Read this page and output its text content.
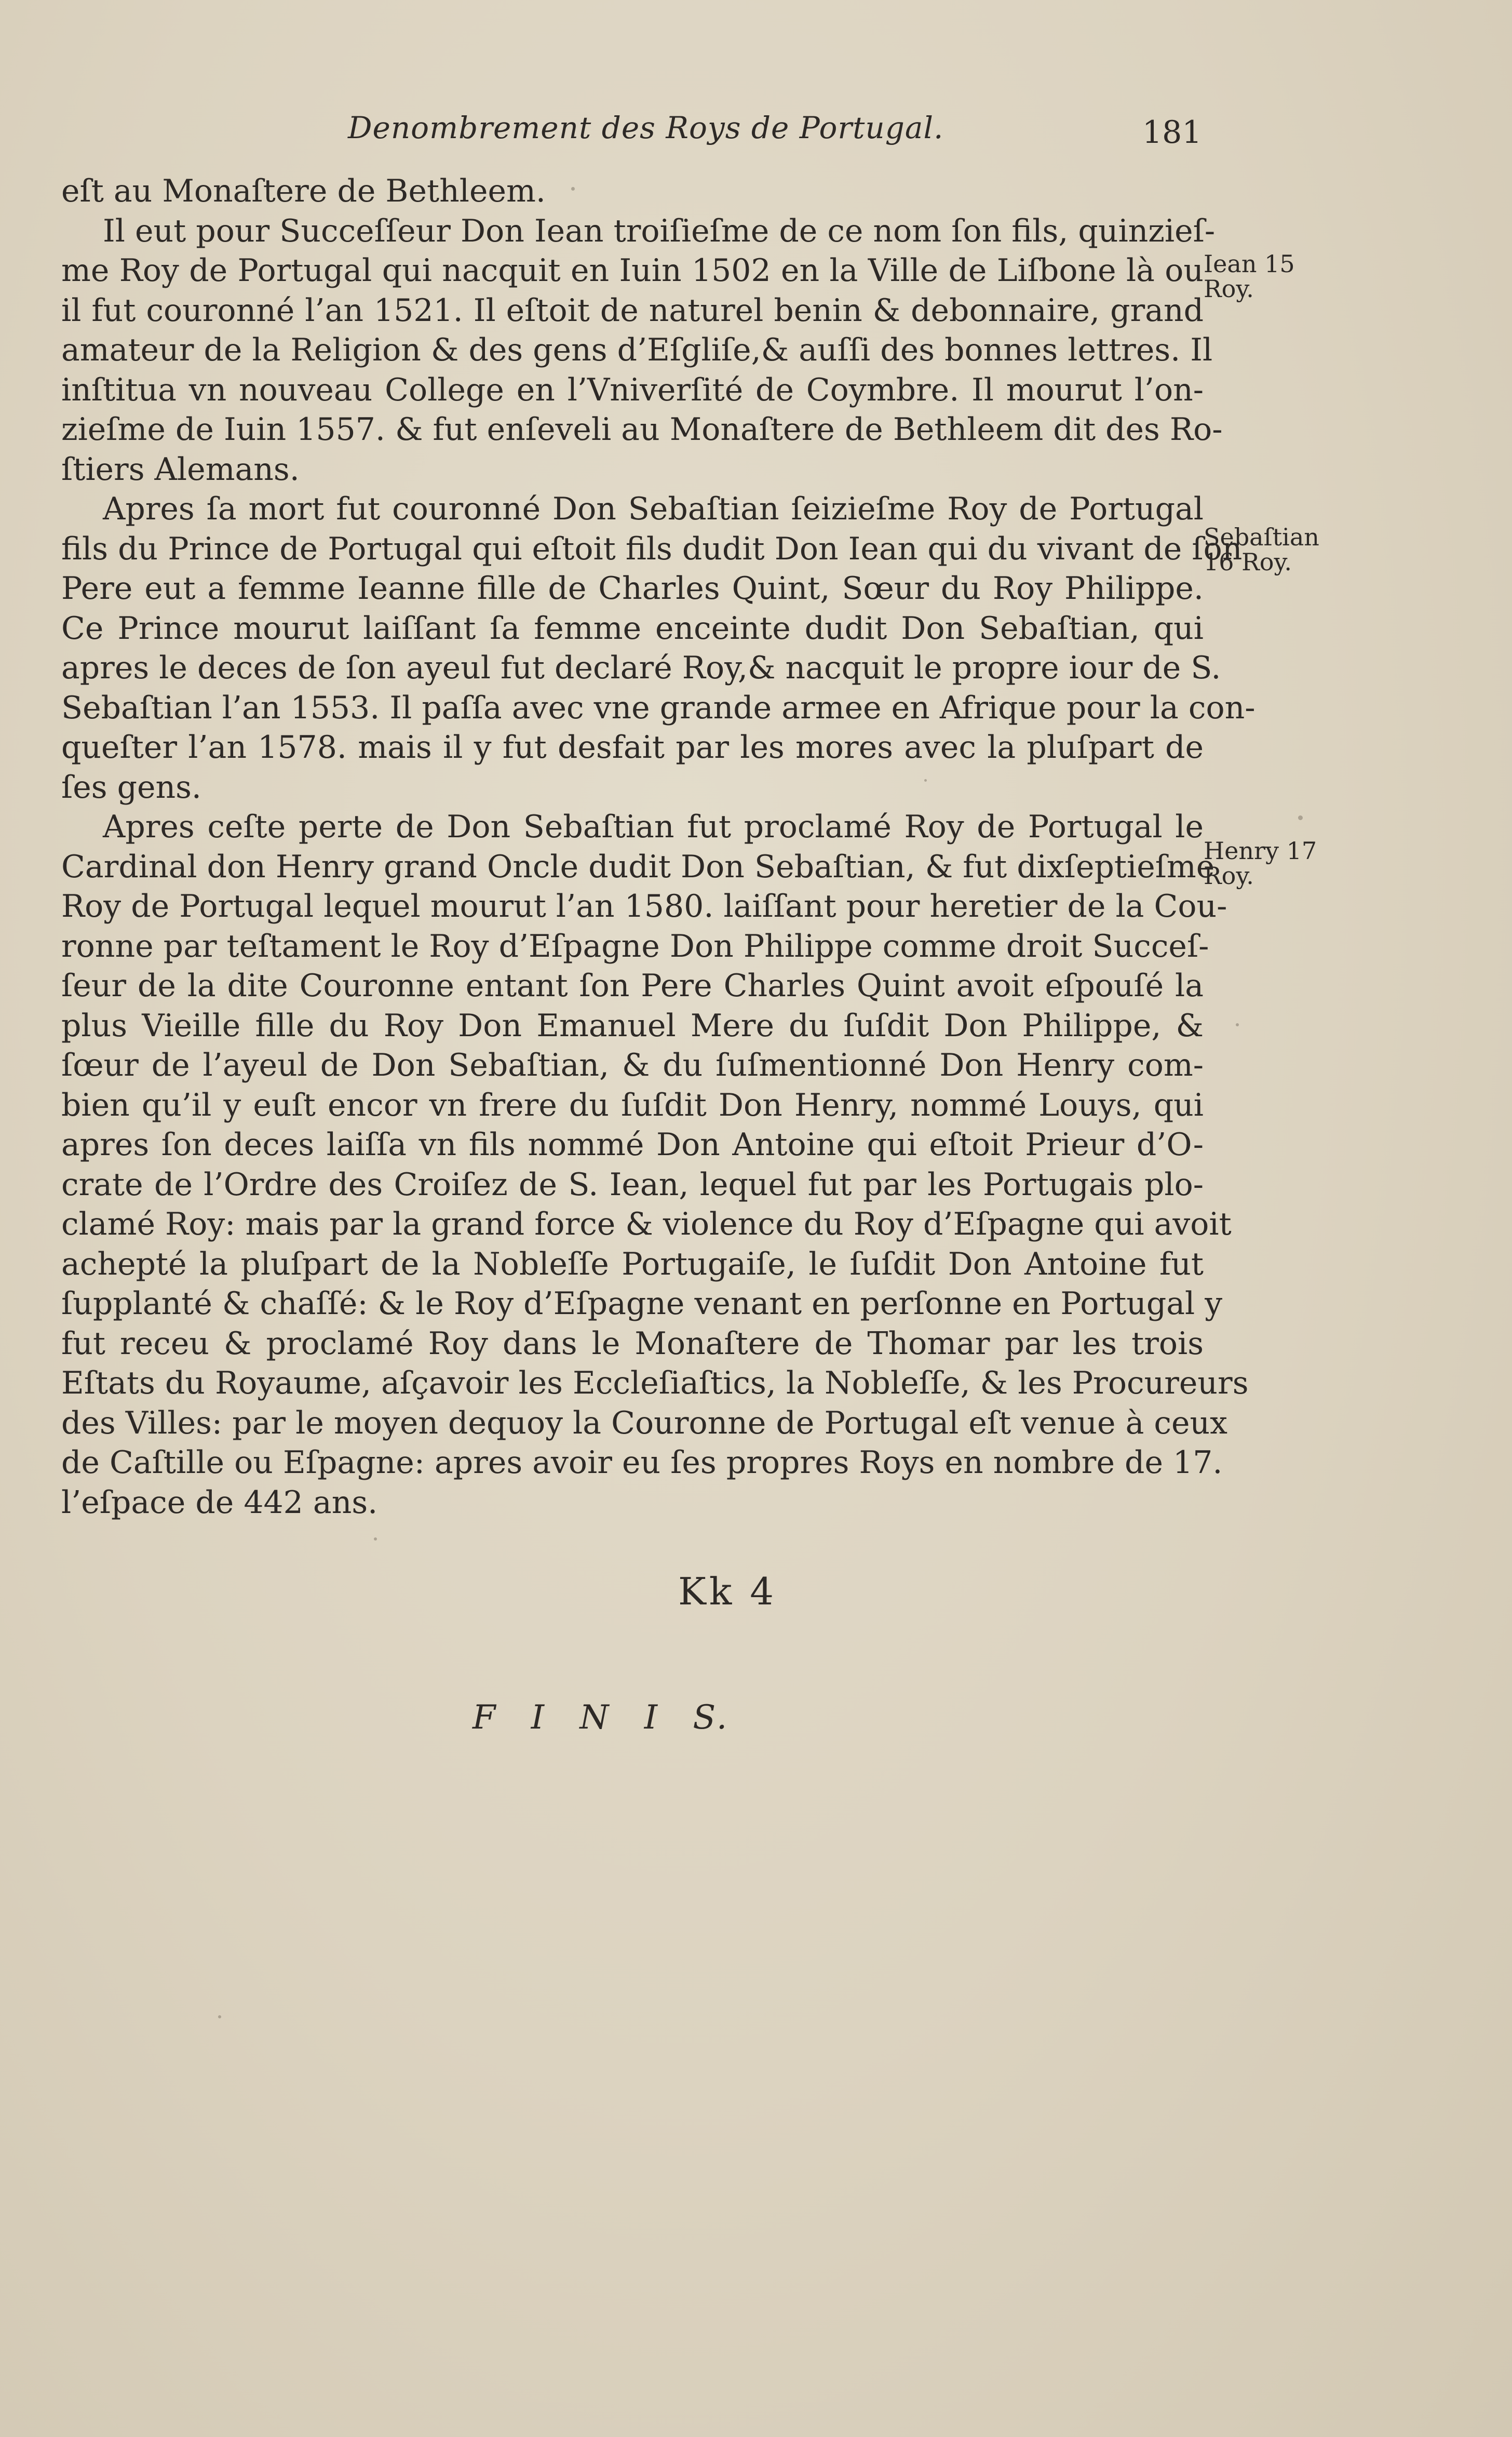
Denombrement des Roys de Portugal.	181
eſt au Monaſtere de Bethleem.
Il eut pour Succeſſeur Don Iean troiſieſme de ce nom ſon fils, quinzieſ-
me Roy de Portugal qui nacquit en Iuin 1502 en la Ville de Liſbone là ou
il fut couronné l’an 1521. Il eſtoit de naturel benin & debonnaire, grand
amateur de la Religion & des gens d’Eſgliſe,& auſſi des bonnes lettres. Il
inſtitua vn nouveau College en l’Vniverſité de Coymbre. Il mourut l’on-
zieſme de Iuin 1557. & fut enſeveli au Monaſtere de Bethleem dit des Ro-
ſtiers Alemans.
Apres ſa mort fut couronné Don Sebaſtian ſeizieſme Roy de Portugal
fils du Prince de Portugal qui eſtoit fils dudit Don Iean qui du vivant de ſon
Pere eut a femme Ieanne fille de Charles Quint, Sœur du Roy Philippe.
Ce Prince mourut laiſſant ſa femme enceinte dudit Don Sebaſtian, qui
apres le deces de ſon ayeul fut declaré Roy,& nacquit le propre iour de S.
Sebaſtian l’an 1553. Il paſſa avec vne grande armee en Afrique pour la con-
queſter l’an 1578. mais il y fut desfait par les mores avec la pluſpart de
ſes gens.
Apres ceſte perte de Don Sebaſtian fut proclamé Roy de Portugal le
Cardinal don Henry grand Oncle dudit Don Sebaſtian, & fut dixſeptieſme
Roy de Portugal lequel mourut l’an 1580. laiſſant pour heretier de la Cou-
ronne par teſtament le Roy d’Eſpagne Don Philippe comme droit Succeſ-
ſeur de la dite Couronne entant ſon Pere Charles Quint avoit eſpouſé la
plus Vieille fille du Roy Don Emanuel Mere du ſuſdit Don Philippe, &
ſœur de l’ayeul de Don Sebaſtian, & du ſuſmentionné Don Henry com-
bien qu’il y euſt encor vn frere du ſuſdit Don Henry, nommé Louys, qui
apres ſon deces laiſſa vn fils nommé Don Antoine qui eſtoit Prieur d’O-
crate de l’Ordre des Croiſez de S. Iean, lequel fut par les Portugais plo-
clamé Roy: mais par la grand force & violence du Roy d’Eſpagne qui avoit
achepté la pluſpart de la Nobleſſe Portugaiſe, le ſuſdit Don Antoine fut
ſupplanté & chaſſé: & le Roy d’Eſpagne venant en perſonne en Portugal y
fut receu & proclamé Roy dans le Monaſtere de Thomar par les trois
Eſtats du Royaume, aſçavoir les Eccleſiaſtics, la Nobleſſe, & les Procureurs
des Villes: par le moyen dequoy la Couronne de Portugal eſt venue à ceux
de Caſtille ou Eſpagne: apres avoir eu ſes propres Roys en nombre de 17.
l’eſpace de 442 ans.
Iean 15
Roy.
Sebaſtian
16 Roy.
Henry 17
Roy.
Kk 4
F I N I S.
